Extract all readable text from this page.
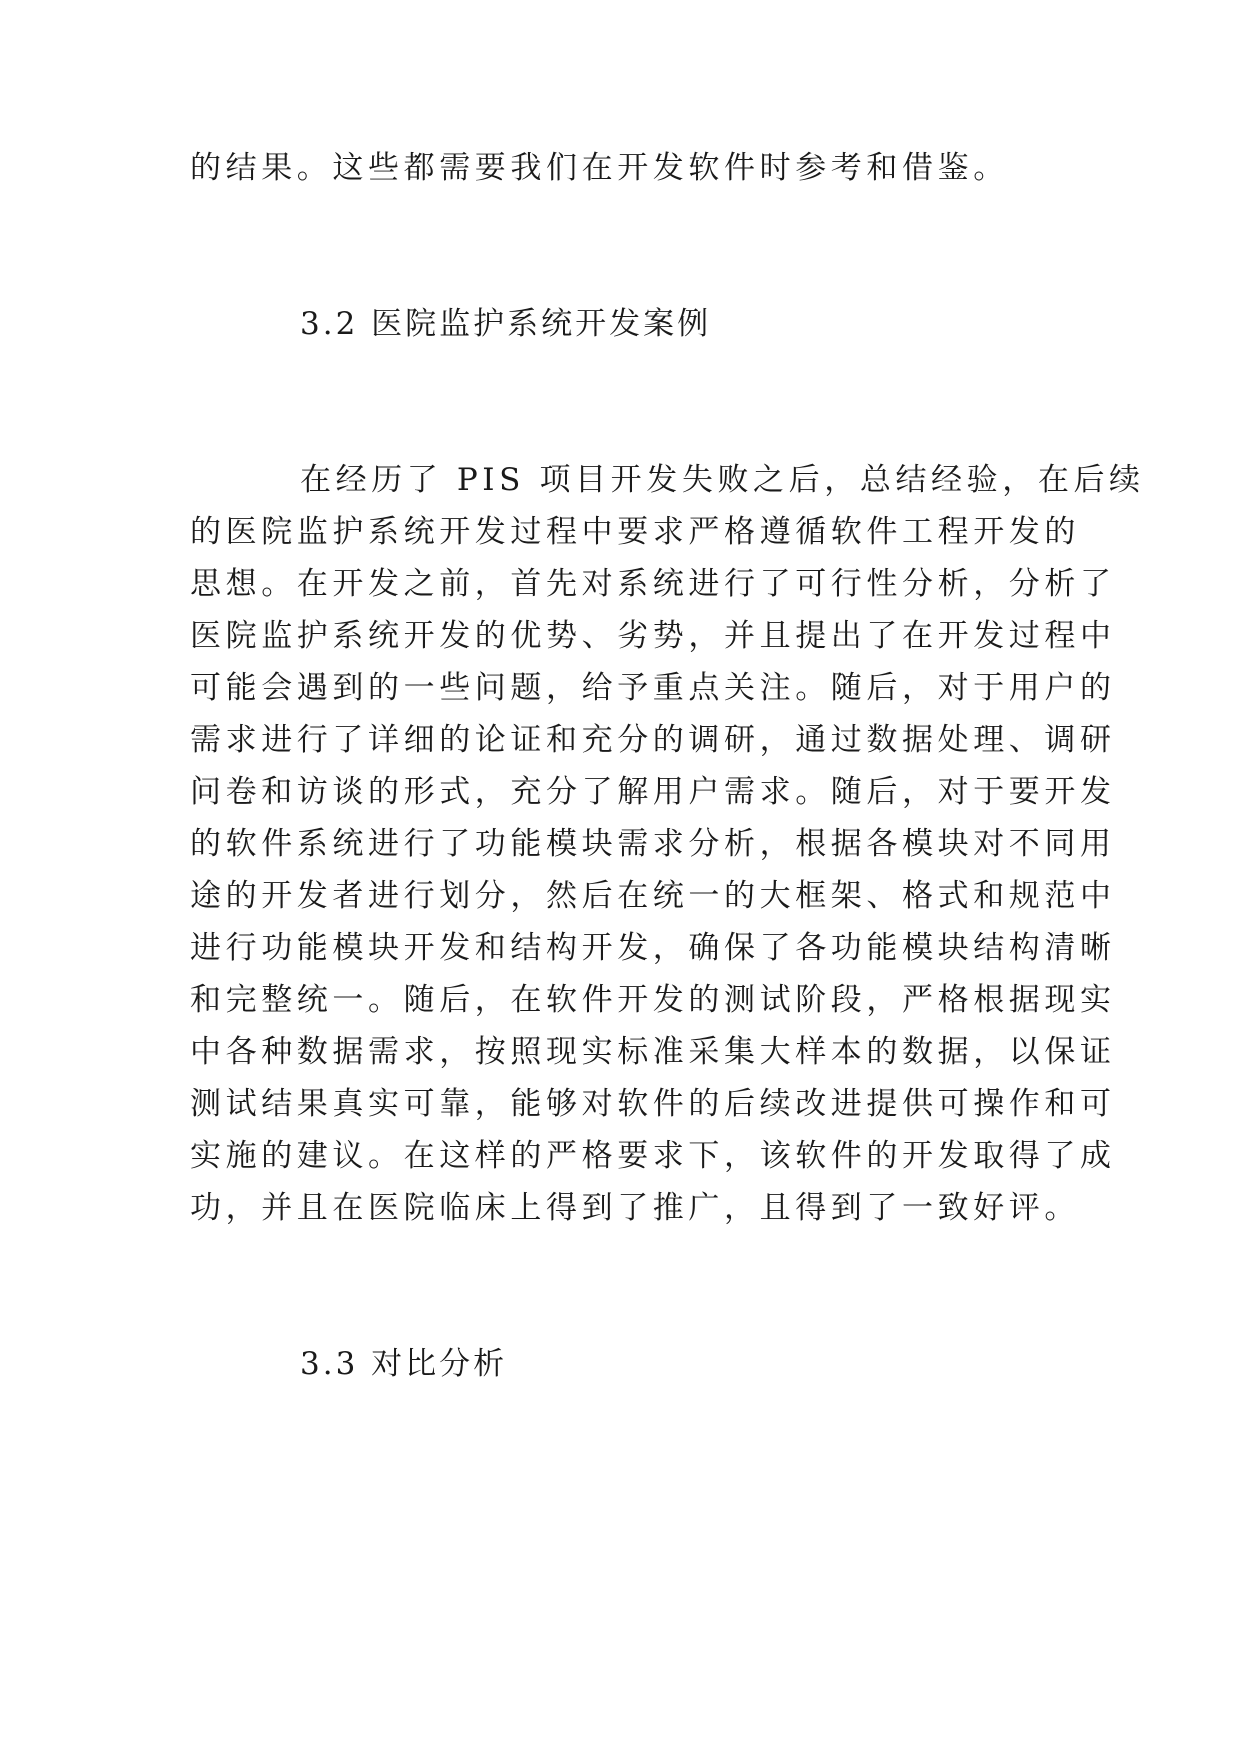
的结果。这些都需要我们在开发软件时参考和借鉴。
3.2 医院监护系统开发案例
在经历了 PIS 项目开发失败之后，总结经验，在后续
的医院监护系统开发过程中要求严格遵循软件工程开发的
思想。在开发之前，首先对系统进行了可行性分析，分析了
医院监护系统开发的优势、劣势，并且提出了在开发过程中
可能会遇到的一些问题，给予重点关注。随后，对于用户的
需求进行了详细的论证和充分的调研，通过数据处理、调研
问卷和访谈的形式，充分了解用户需求。随后，对于要开发
的软件系统进行了功能模块需求分析，根据各模块对不同用
途的开发者进行划分，然后在统一的大框架、格式和规范中
进行功能模块开发和结构开发，确保了各功能模块结构清晰
和完整统一。随后，在软件开发的测试阶段，严格根据现实
中各种数据需求，按照现实标准采集大样本的数据，以保证
测试结果真实可靠，能够对软件的后续改进提供可操作和可
实施的建议。在这样的严格要求下，该软件的开发取得了成
功，并且在医院临床上得到了推广，且得到了一致好评。
3.3 对比分析
